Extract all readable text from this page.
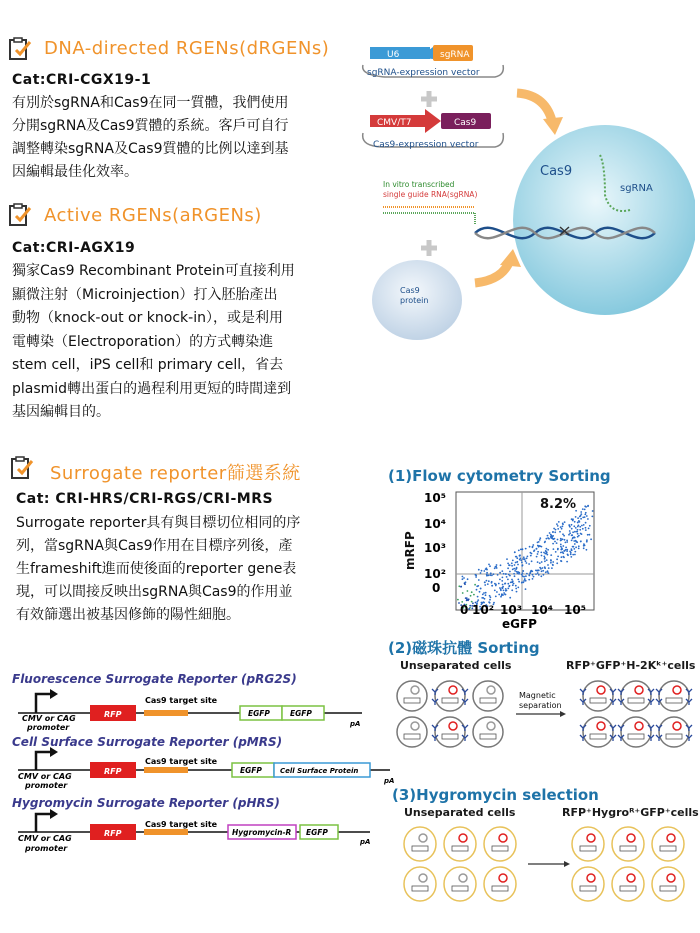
DNA-directed RGENs(dRGENs)
Cat:CRI-CGX19-1
有別於sgRNA和Cas9在同一質體，我們使用
分開sgRNA及Cas9質體的系統。客戶可自行
調整轉染sgRNA及Cas9質體的比例以達到基
因編輯最佳化效率。
Active RGENs(aRGENs)
Cat:CRI-AGX19
獨家Cas9 Recombinant Protein可直接利用
顯微注射（Microinjection）打入胚胎產出
動物（knock-out or knock-in），或是利用
電轉染（Electroporation）的方式轉染進
stem cell，iPS cell和 primary cell，省去
plasmid轉出蛋白的過程利用更短的時間達到
基因編輯目的。
Surrogate reporter篩選系統
Cat: CRI-HRS/CRI-RGS/CRI-MRS
Surrogate reporter具有與目標切位相同的序
列，當sgRNA與Cas9作用在目標序列後，產
生frameshift進而使後面的reporter gene表
現，可以間接反映出sgRNA與Cas9的作用並
有效篩選出被基因修飾的陽性細胞。
U6	sgRNA
sgRNA-expression vector
CMV/T7	Cas9
Cas9-expression vector
Cas9
sgRNA
In vitro transcribed
single guide RNA(sgRNA)
Cas9
protein
(1)Flow cytometry Sorting
8.2%
mRFP
10⁵
10⁴
10³
10²
0
0 10² 10³ 10⁴ 10⁵
eGFP
(2)磁珠抗體 Sorting
Unseparated cells	RFP⁺GFP⁺H-2Kᵏ⁺cells
Magnetic
separation
(3)Hygromycin selection
Unseparated cells	RFP⁺Hygroᴿ⁺GFP⁺cells
Fluorescence Surrogate Reporter (pRG2S)
Cell Surface Surrogate Reporter (pMRS)
Hygromycin Surrogate Reporter (pHRS)
CMV or CAG
promoter
RFP
Cas9 target site
EGFP	EGFP
pA
CMV or CAG
promoter
RFP
Cas9 target site
EGFP	Cell Surface Protein
pA
CMV or CAG
promoter
RFP
Cas9 target site
Hygromycin-R EGFP
pA
